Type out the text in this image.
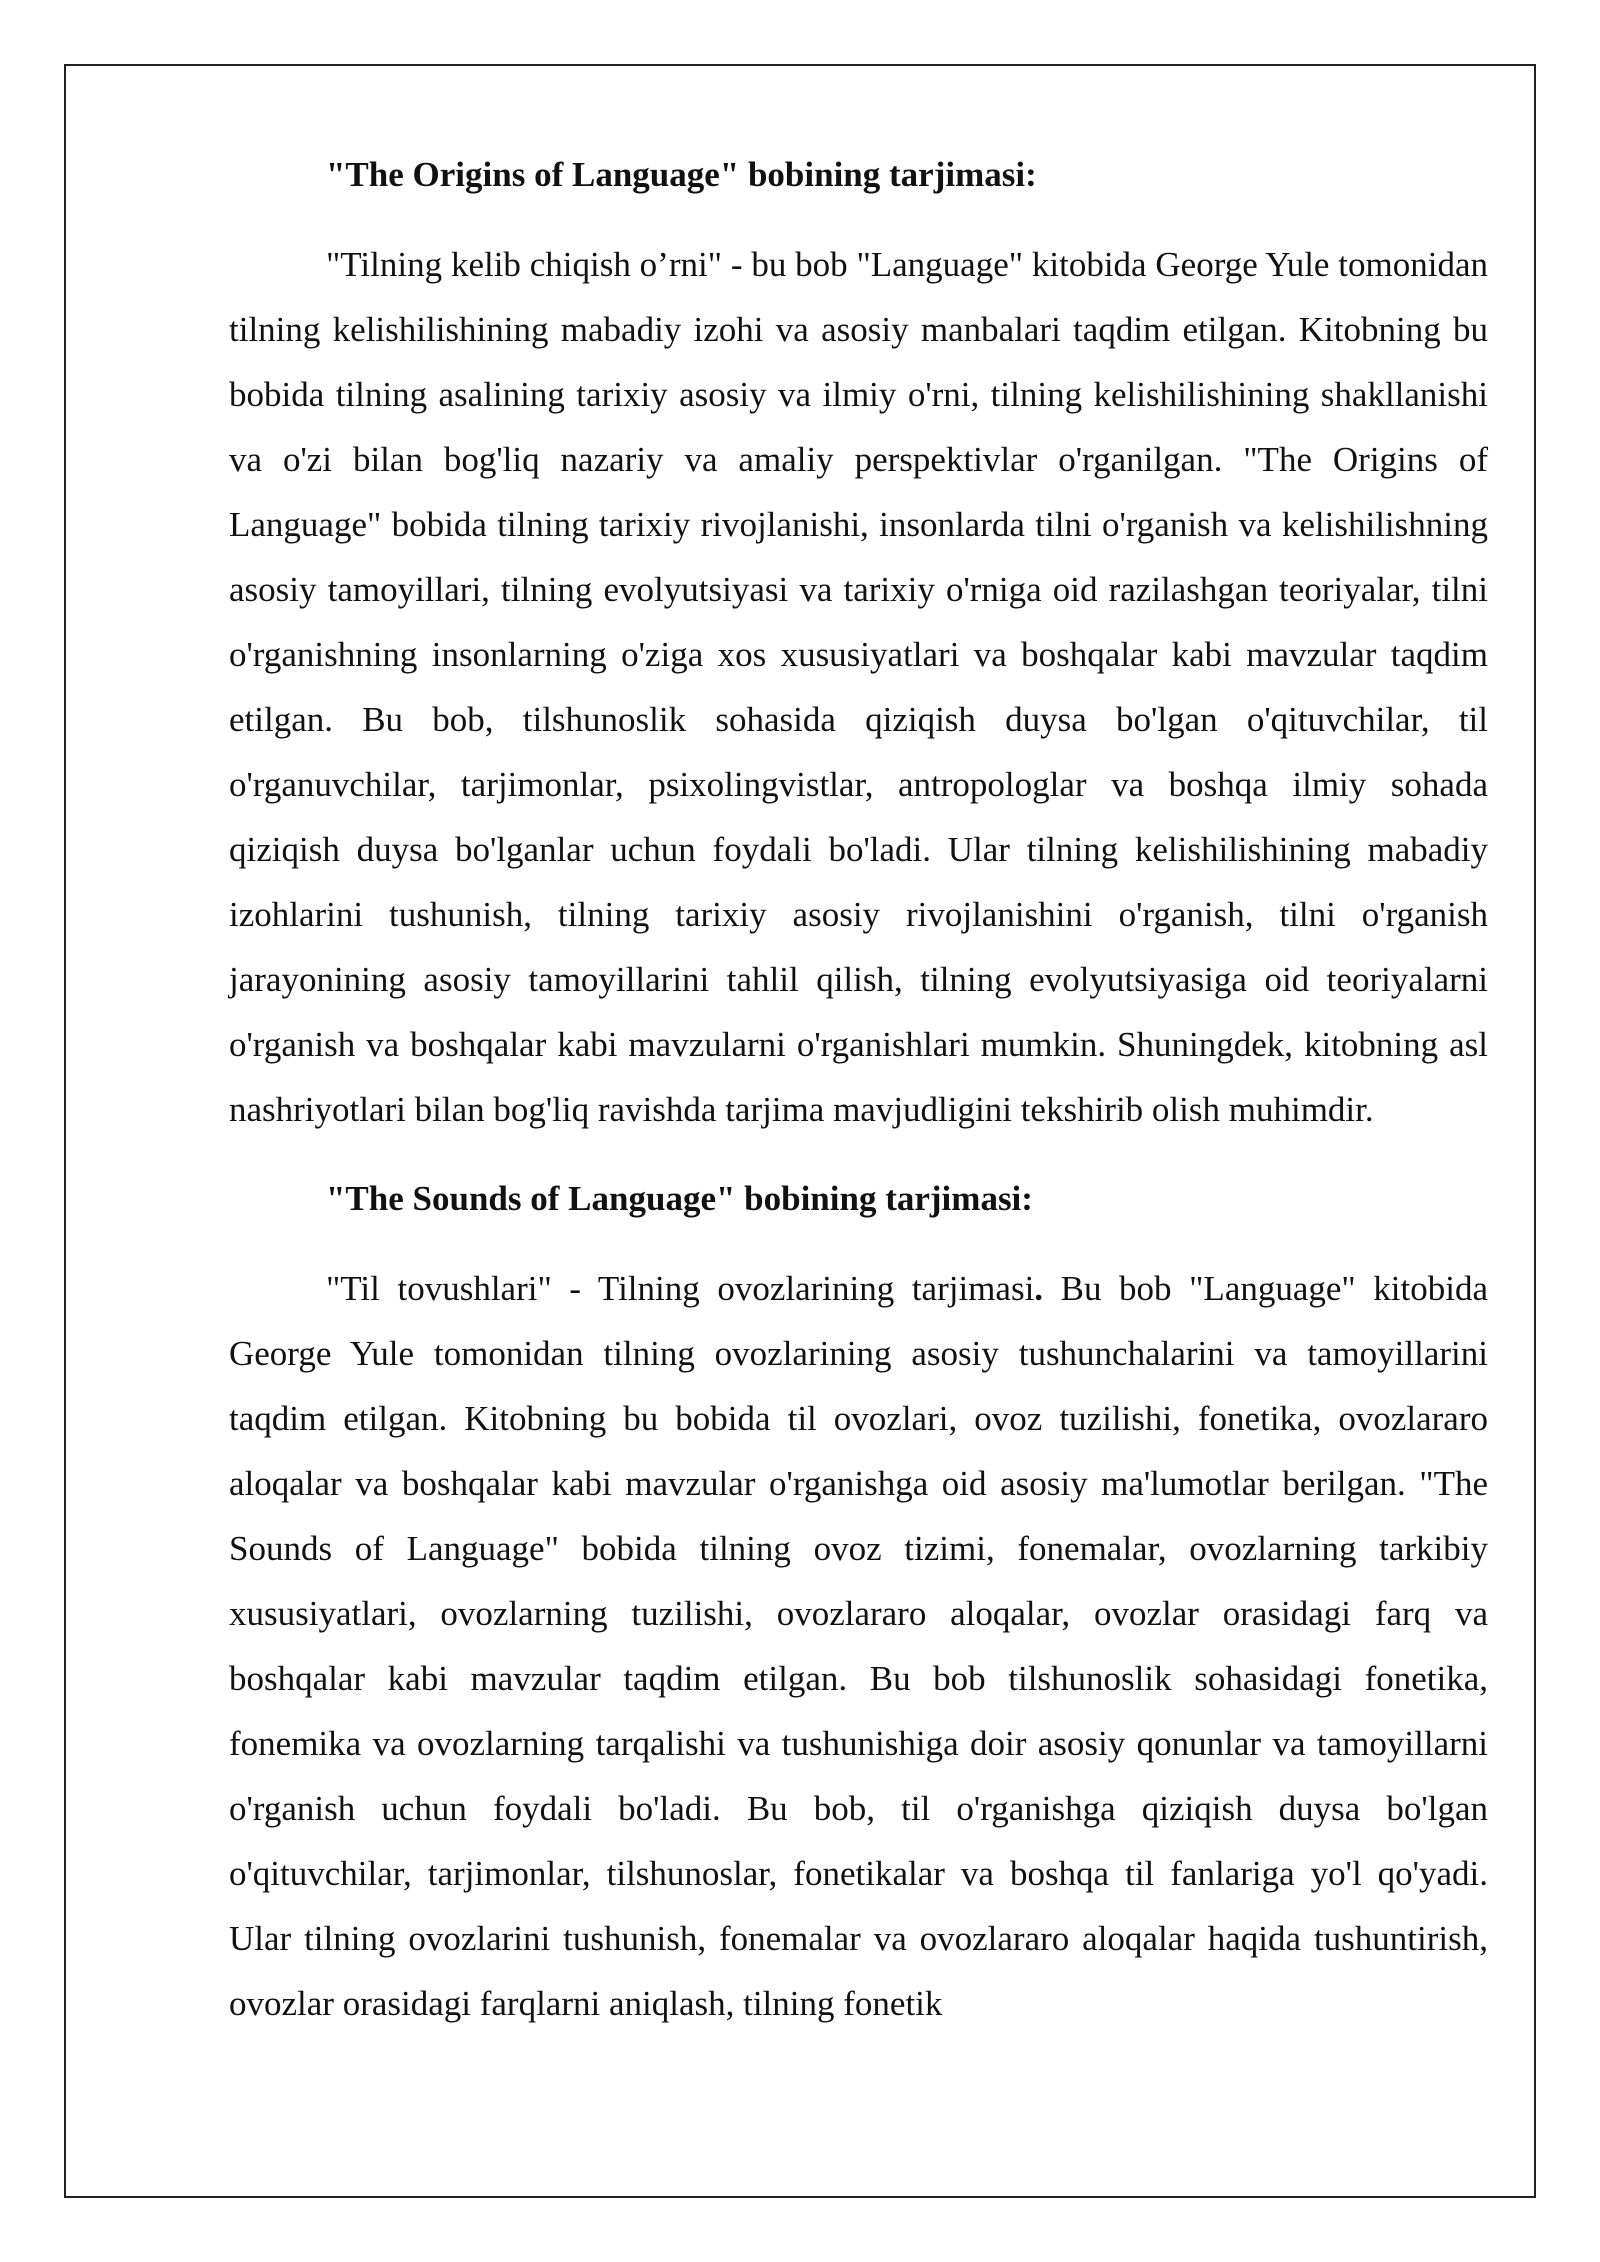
"The Origins of Language" bobining tarjimasi:

"Tilning kelib chiqish o’rni" - bu bob "Language" kitobida George Yule tomonidan tilning kelishilishining mabadiy izohi va asosiy manbalari taqdim etilgan. Kitobning bu bobida tilning asalining tarixiy asosiy va ilmiy o'rni, tilning kelishilishining shakllanishi va o'zi bilan bog'liq nazariy va amaliy perspektivlar o'rganilgan. "The Origins of Language" bobida tilning tarixiy rivojlanishi, insonlarda tilni o'rganish va kelishilishning asosiy tamoyillari, tilning evolyutsiyasi va tarixiy o'rniga oid razilashgan teoriyalar, tilni o'rganishning insonlarning o'ziga xos xususiyatlari va boshqalar kabi mavzular taqdim etilgan. Bu bob, tilshunoslik sohasida qiziqish duysa bo'lgan o'qituvchilar, til o'rganuvchilar, tarjimonlar, psixolingvistlar, antropologlar va boshqa ilmiy sohada qiziqish duysa bo'lganlar uchun foydali bo'ladi. Ular tilning kelishilishining mabadiy izohlarini tushunish, tilning tarixiy asosiy rivojlanishini o'rganish, tilni o'rganish jarayonining asosiy tamoyillarini tahlil qilish, tilning evolyutsiyasiga oid teoriyalarni o'rganish va boshqalar kabi mavzularni o'rganishlari mumkin. Shuningdek, kitobning asl nashriyotlari bilan bog'liq ravishda tarjima mavjudligini tekshirib olish muhimdir.

"The Sounds of Language" bobining tarjimasi:

"Til tovushlari" - Tilning ovozlarining tarjimasi. Bu bob "Language" kitobida George Yule tomonidan tilning ovozlarining asosiy tushunchalarini va tamoyillarini taqdim etilgan. Kitobning bu bobida til ovozlari, ovoz tuzilishi, fonetika, ovozlararo aloqalar va boshqalar kabi mavzular o'rganishga oid asosiy ma'lumotlar berilgan. "The Sounds of Language" bobida tilning ovoz tizimi, fonemalar, ovozlarning tarkibiy xususiyatlari, ovozlarning tuzilishi, ovozlararo aloqalar, ovozlar orasidagi farq va boshqalar kabi mavzular taqdim etilgan. Bu bob tilshunoslik sohasidagi fonetika, fonemika va ovozlarning tarqalishi va tushunishiga doir asosiy qonunlar va tamoyillarni o'rganish uchun foydali bo'ladi. Bu bob, til o'rganishga qiziqish duysa bo'lgan o'qituvchilar, tarjimonlar, tilshunoslar, fonetikalar va boshqa til fanlariga yo'l qo'yadi. Ular tilning ovozlarini tushunish, fonemalar va ovozlararo aloqalar haqida tushuntirish, ovozlar orasidagi farqlarni aniqlash, tilning fonetik
